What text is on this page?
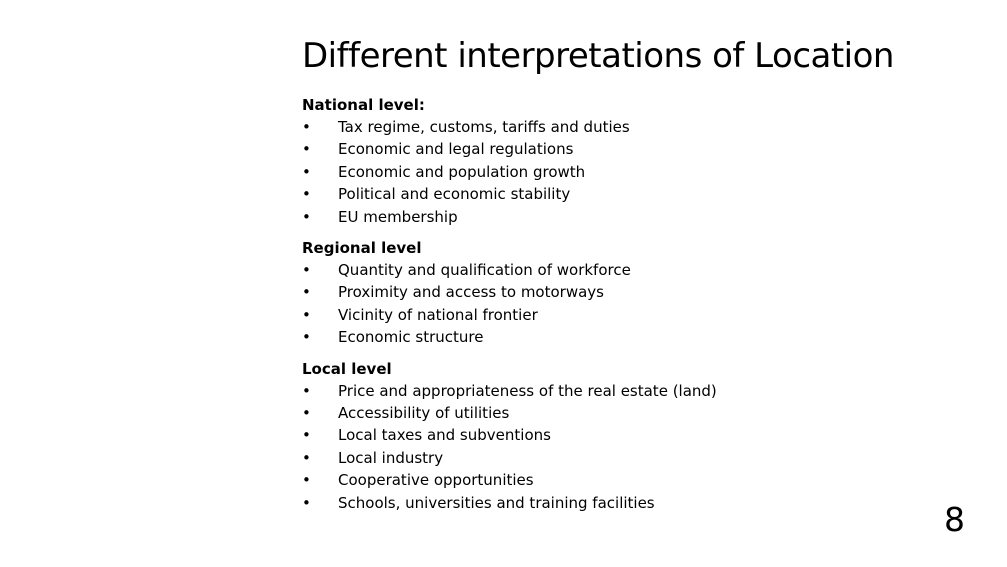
Different interpretations of Location

National level:

• Tax regime, customs, tariffs and duties
• Economic and legal regulations
• Economic and population growth
• Political and economic stability
• EU membership

Regional level

• Quantity and qualification of workforce
• Proximity and access to motorways
• Vicinity of national frontier
• Economic structure

Local level

• Price and appropriateness of the real estate (land)
• Accessibility of utilities
• Local taxes and subventions
• Local industry
• Cooperative opportunities
• Schools, universities and training facilities	8
